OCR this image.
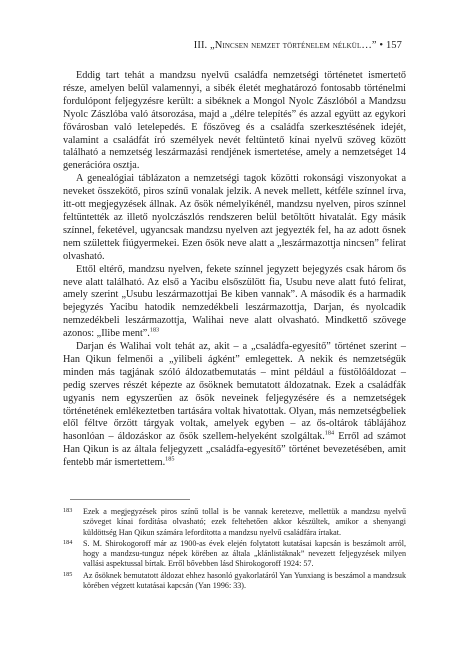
III. „Nincsen nemzet történelem nélkül…” • 157

Eddig tart tehát a mandzsu nyelvű családfa nemzetségi történetet ismertető része, amelyen belül valamennyi, a sibék életét meghatározó fontosabb történelmi fordulópont feljegyzésre került: a sibéknek a Mongol Nyolc Zászlóból a Mandzsu Nyolc Zászlóba való átsorozása, majd a „délre telepítés” és azzal együtt az egykori fővárosban való letelepedés. E főszöveg és a családfa szerkesztésének idejét, valamint a családfát író személyek nevét feltüntető kínai nyelvű szöveg között található a nemzetség leszármazási rendjének ismertetése, amely a nemzetséget 14 generációra osztja.

A genealógiai táblázaton a nemzetségi tagok közötti rokonsági viszonyokat a neveket összekötő, piros színű vonalak jelzik. A nevek mellett, kétféle színnel írva, itt-ott megjegyzések állnak. Az ősök némelyikénél, mandzsu nyelven, piros színnel feltüntették az illető nyolczászlós rendszeren belül betöltött hivatalát. Egy másik színnel, feketével, ugyancsak mandzsu nyelven azt jegyezték fel, ha az adott ősnek nem születtek fiúgyermekei. Ezen ősök neve alatt a „leszármazottja nincsen” felirat olvasható.

Ettől eltérő, mandzsu nyelven, fekete színnel jegyzett bejegyzés csak három ős neve alatt található. Az első a Yacibu elsőszülött fia, Usubu neve alatt futó felirat, amely szerint „Usubu leszármazottjai Be kiben vannak”. A második és a harmadik bejegyzés Yacibu hatodik nemzedékbeli leszármazottja, Darjan, és nyolcadik nemzedékbeli leszármazottja, Walihai neve alatt olvasható. Mindkettő szövege azonos: „Ilibe ment”.$^{183}$

Darjan és Walihai volt tehát az, akit – a „családfa-egyesítő” történet szerint – Han Qikun felmenői a „yilibeli ágként” emlegettek. A nekik és nemzetségük minden más tagjának szóló áldozatbemutatás – mint például a füstölőáldozat – pedig szerves részét képezte az ősöknek bemutatott áldozatnak. Ezek a családfák ugyanis nem egyszerűen az ősök neveinek feljegyzésére és a nemzetségek történetének emlékeztetben tartására voltak hivatottak. Olyan, más nemzetségbeliek elől féltve őrzött tárgyak voltak, amelyek egyben – az ős-oltárok táblájához hasonlóan – áldozáskor az ősök szellem-helyeként szolgáltak.$^{184}$ Erről ad számot Han Qikun is az általa feljegyzett „családfa-egyesítő” történet bevezetésében, amit fentebb már ismertettem.$^{185}$

183 Ezek a megjegyzések piros színű tollal is be vannak keretezve, mellettük a mandzsu nyelvű szöveget kínai fordítása olvasható; ezek feltehetően akkor készültek, amikor a shenyangi küldöttség Han Qikun számára lefordította a mandzsu nyelvű családfára írtakat.
184 S. M. Shirokogoroff már az 1900-as évek elején folytatott kutatásai kapcsán is beszámolt arról, hogy a mandzsu-tunguz népek körében az általa „klánlistáknak” nevezett feljegyzések milyen vallási aspektussal bírtak. Erről bővebben lásd Shirokogoroff 1924: 57.
185 Az ősöknek bemutatott áldozat ehhez hasonló gyakorlatáról Yan Yunxiang is beszámol a mandzsuk körében végzett kutatásai kapcsán (Yan 1996: 33).
